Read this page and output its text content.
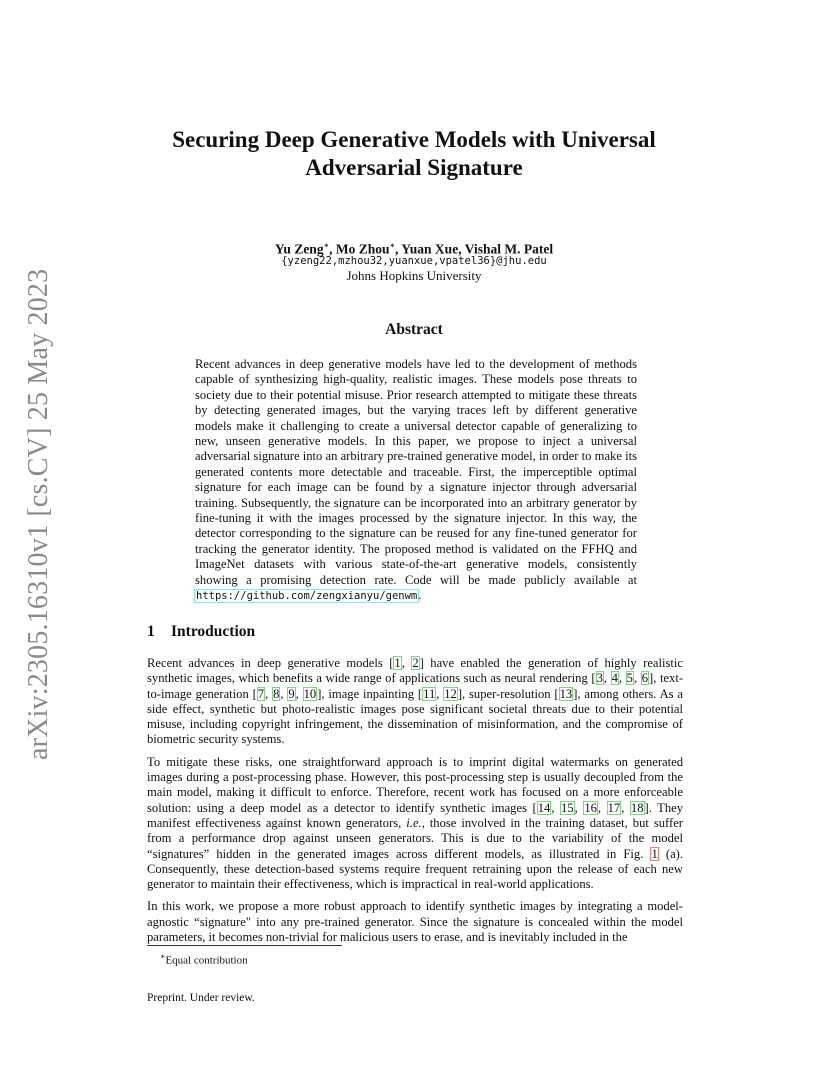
arXiv:2305.16310v1 [cs.CV] 25 May 2023
Securing Deep Generative Models with Universal
Adversarial Signature
Yu Zeng∗, Mo Zhou∗, Yuan Xue, Vishal M. Patel
{yzeng22,mzhou32,yuanxue,vpatel36}@jhu.edu
Johns Hopkins University
Abstract
Recent advances in deep generative models have led to the development of methods capable of synthesizing high-quality, realistic images. These models pose threats to society due to their potential misuse. Prior research attempted to mitigate these threats by detecting generated images, but the varying traces left by different generative models make it challenging to create a universal detector capable of generalizing to new, unseen generative models. In this paper, we propose to inject a universal adversarial signature into an arbitrary pre-trained generative model, in order to make its generated contents more detectable and traceable. First, the imperceptible optimal signature for each image can be found by a signature injector through adversarial training. Subsequently, the signature can be incorporated into an arbitrary generator by fine-tuning it with the images processed by the signature injector. In this way, the detector corresponding to the signature can be reused for any fine-tuned generator for tracking the generator identity. The proposed method is validated on the FFHQ and ImageNet datasets with various state-of-the-art generative models, consistently showing a promising detection rate. Code will be made publicly available at https://github.com/zengxianyu/genwm.
1 Introduction

Recent advances in deep generative models [1, 2] have enabled the generation of highly realistic synthetic images, which benefits a wide range of applications such as neural rendering [3, 4, 5, 6], text-to-image generation [7, 8, 9, 10], image inpainting [11, 12], super-resolution [13], among others. As a side effect, synthetic but photo-realistic images pose significant societal threats due to their potential misuse, including copyright infringement, the dissemination of misinformation, and the compromise of biometric security systems.

To mitigate these risks, one straightforward approach is to imprint digital watermarks on generated images during a post-processing phase. However, this post-processing step is usually decoupled from the main model, making it difficult to enforce. Therefore, recent work has focused on a more enforceable solution: using a deep model as a detector to identify synthetic images [14, 15, 16, 17, 18]. They manifest effectiveness against known generators, i.e., those involved in the training dataset, but suffer from a performance drop against unseen generators. This is due to the variability of the model “signatures” hidden in the generated images across different models, as illustrated in Fig. 1 (a). Consequently, these detection-based systems require frequent retraining upon the release of each new generator to maintain their effectiveness, which is impractical in real-world applications.

In this work, we propose a more robust approach to identify synthetic images by integrating a model-agnostic “signature" into any pre-trained generator. Since the signature is concealed within the model parameters, it becomes non-trivial for malicious users to erase, and is inevitably included in the

∗Equal contribution
Preprint. Under review.
